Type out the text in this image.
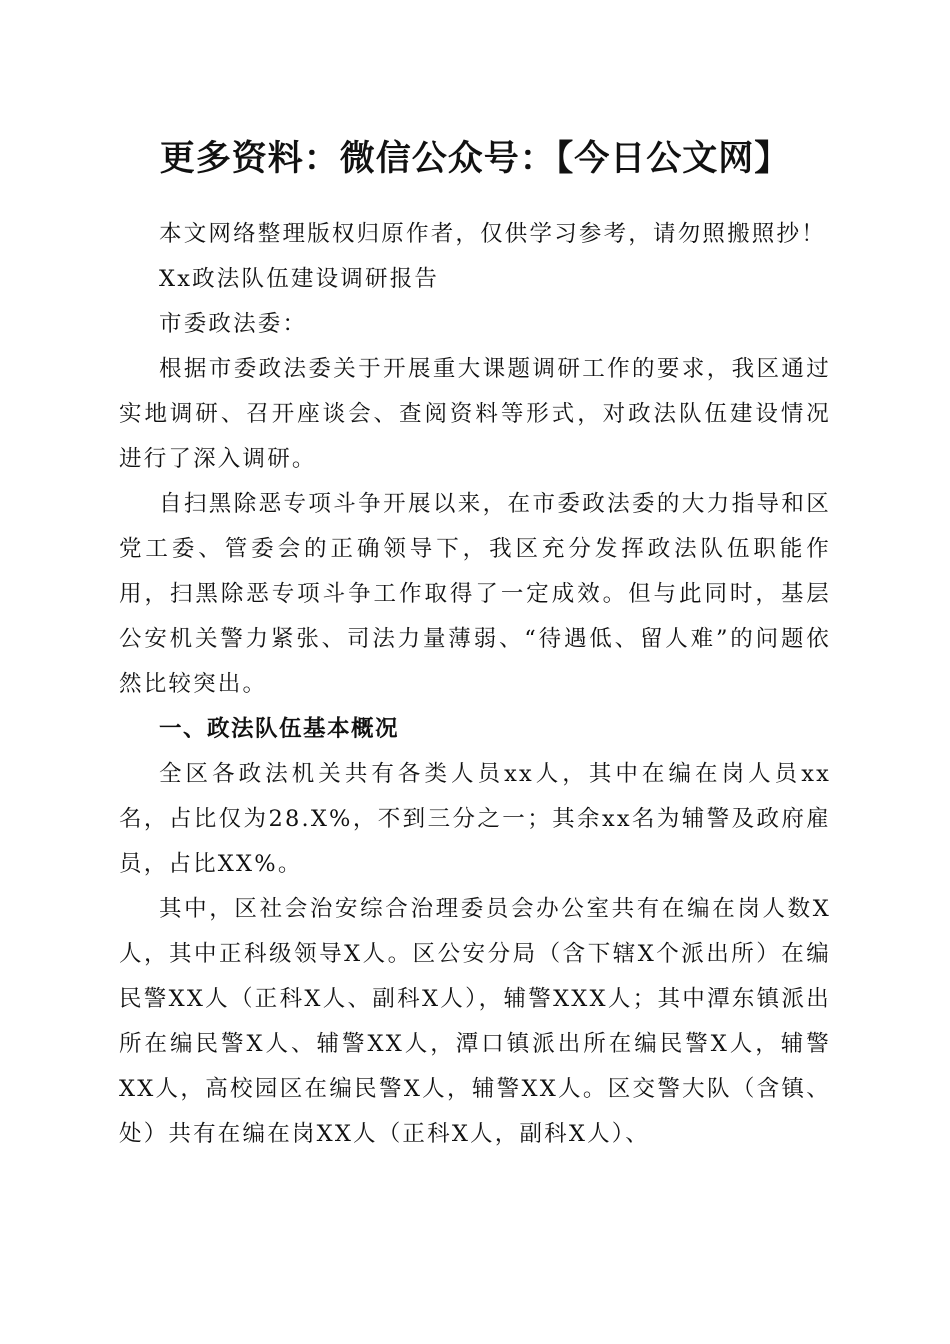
更多资料：微信公众号：【今日公文网】

本文网络整理版权归原作者，仅供学习参考，请勿照搬照抄！

Xx政法队伍建设调研报告

市委政法委：

根据市委政法委关于开展重大课题调研工作的要求，我区通过实地调研、召开座谈会、查阅资料等形式，对政法队伍建设情况进行了深入调研。

自扫黑除恶专项斗争开展以来，在市委政法委的大力指导和区党工委、管委会的正确领导下，我区充分发挥政法队伍职能作用，扫黑除恶专项斗争工作取得了一定成效。但与此同时，基层公安机关警力紧张、司法力量薄弱、“待遇低、留人难”的问题依然比较突出。

一、政法队伍基本概况

全区各政法机关共有各类人员xx人，其中在编在岗人员xx名，占比仅为28.X%，不到三分之一；其余xx名为辅警及政府雇员，占比XX%。

其中，区社会治安综合治理委员会办公室共有在编在岗人数X人，其中正科级领导X人。区公安分局（含下辖X个派出所）在编民警XX人（正科X人、副科X人），辅警XXX人；其中潭东镇派出所在编民警X人、辅警XX人，潭口镇派出所在编民警X人，辅警XX人，高校园区在编民警X人，辅警XX人。区交警大队（含镇、处）共有在编在岗XX人（正科X人，副科X人）、
